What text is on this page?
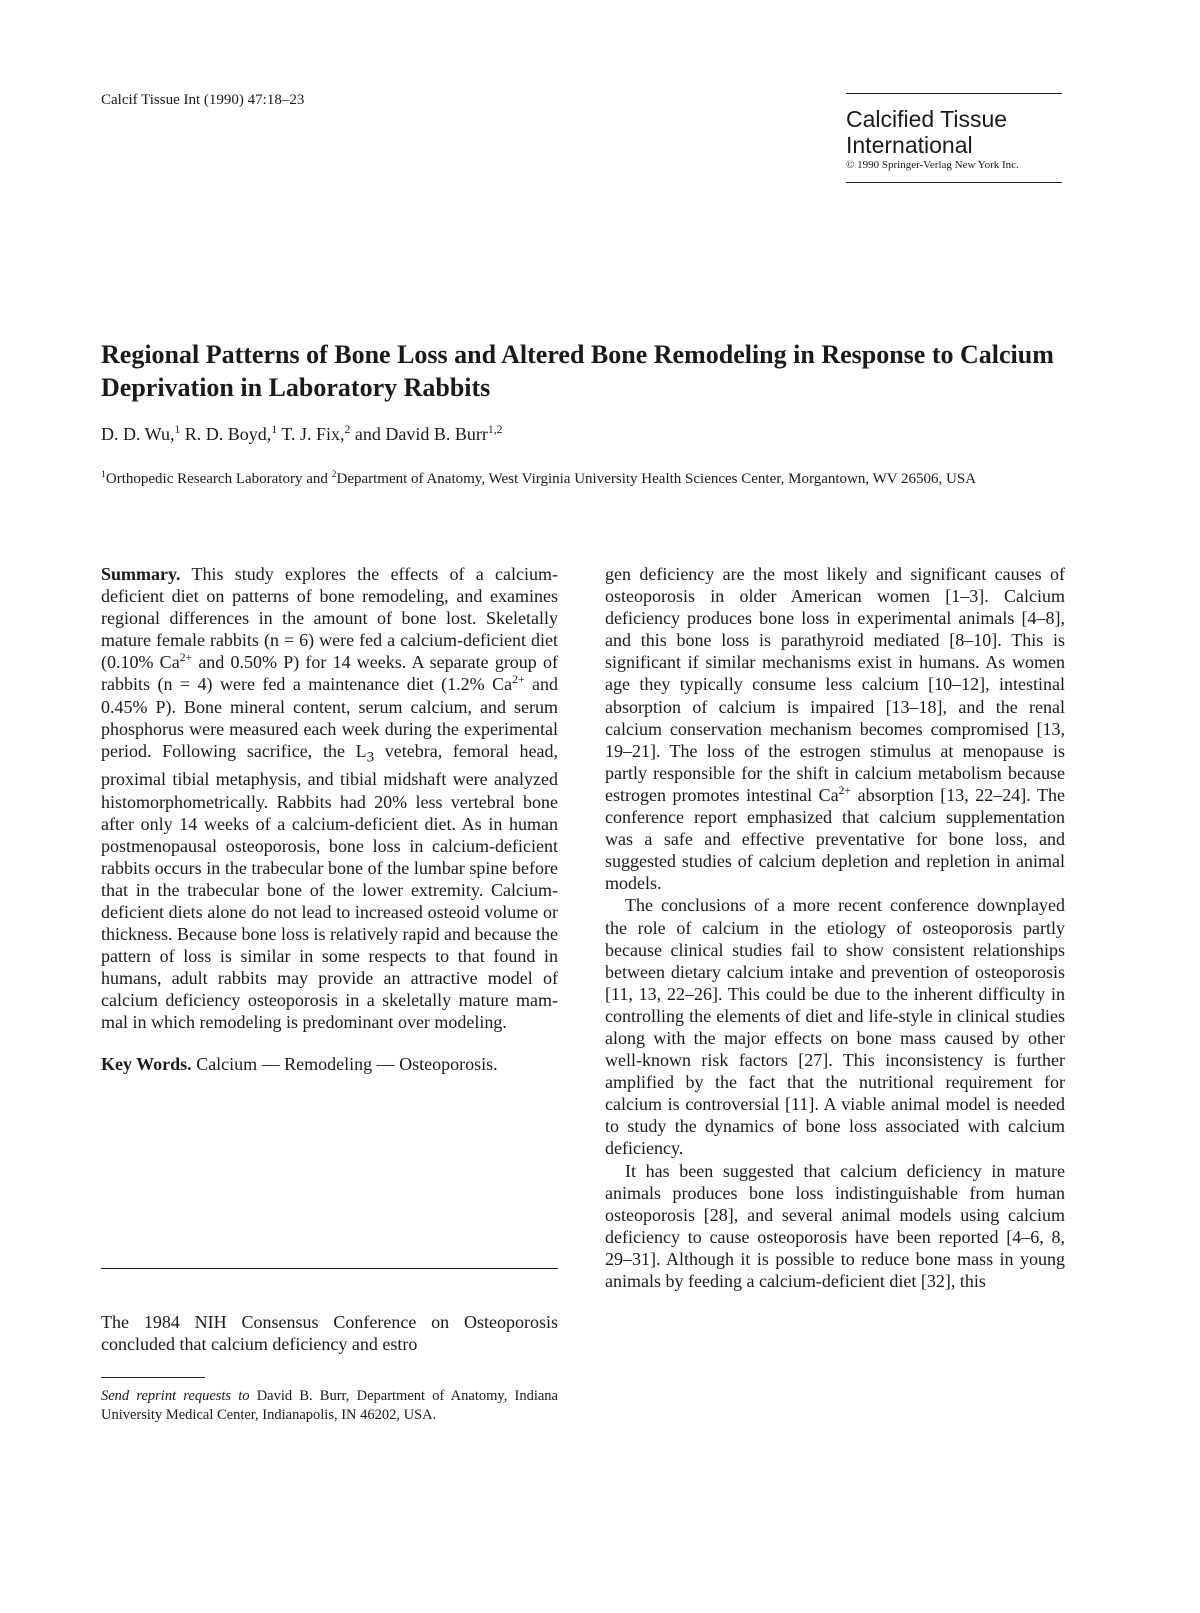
Calcif Tissue Int (1990) 47:18–23
Calcified Tissue
International
© 1990 Springer-Verlag New York Inc.
Regional Patterns of Bone Loss and Altered Bone Remodeling in Response to Calcium Deprivation in Laboratory Rabbits
D. D. Wu,$^1$ R. D. Boyd,$^1$ T. J. Fix,$^2$ and David B. Burr$^{1,2}$
$^1$Orthopedic Research Laboratory and $^2$Department of Anatomy, West Virginia University Health Sciences Center, Morgantown, WV 26506, USA

Summary. This study explores the effects of a calcium-deficient diet on patterns of bone remodeling, and examines regional differences in the amount of bone lost. Skeletally mature female rabbits (n = 6) were fed a calcium-deficient diet (0.10% $Ca^{2+}$ and 0.50% P) for 14 weeks. A separate group of rabbits (n = 4) were fed a maintenance diet (1.2% $Ca^{2+}$ and 0.45% P). Bone mineral content, serum calcium, and serum phosphorus were measured each week during the experimental period. Following sacrifice, the $L_3$ vetebra, femoral head, proximal tibial metaphysis, and tibial midshaft were analyzed histomorphometrically. Rabbits had 20% less vertebral bone after only 14 weeks of a calcium-deficient diet. As in human postmenopausal osteoporosis, bone loss in calcium-deficient rabbits occurs in the trabecular bone of the lumbar spine before that in the trabecular bone of the lower extremity. Calcium-deficient diets alone do not lead to increased osteoid volume or thickness. Because bone loss is relatively rapid and because the pattern of loss is similar in some respects to that found in humans, adult rabbits may provide an attractive model of calcium deficiency osteoporosis in a skeletally mature mammal in which remodeling is predominant over modeling.

Key Words. Calcium — Remodeling — Osteoporosis.

The 1984 NIH Consensus Conference on Osteoporosis concluded that calcium deficiency and estro
Send reprint requests to David B. Burr, Department of Anatomy, Indiana University Medical Center, Indianapolis, IN 46202, USA.

gen deficiency are the most likely and significant causes of osteoporosis in older American women [1–3]. Calcium deficiency produces bone loss in experimental animals [4–8], and this bone loss is parathyroid mediated [8–10]. This is significant if similar mechanisms exist in humans. As women age they typically consume less calcium [10–12], intestinal absorption of calcium is impaired [13–18], and the renal calcium conservation mechanism becomes compromised [13, 19–21]. The loss of the estrogen stimulus at menopause is partly responsible for the shift in calcium metabolism because estrogen promotes intestinal $Ca^{2+}$ absorption [13, 22–24]. The conference report emphasized that calcium supplementation was a safe and effective preventative for bone loss, and suggested studies of calcium depletion and repletion in animal models.

The conclusions of a more recent conference downplayed the role of calcium in the etiology of osteoporosis partly because clinical studies fail to show consistent relationships between dietary calcium intake and prevention of osteoporosis [11, 13, 22–26]. This could be due to the inherent difficulty in controlling the elements of diet and life-style in clinical studies along with the major effects on bone mass caused by other well-known risk factors [27]. This inconsistency is further amplified by the fact that the nutritional requirement for calcium is controversial [11]. A viable animal model is needed to study the dynamics of bone loss associated with calcium deficiency.

It has been suggested that calcium deficiency in mature animals produces bone loss indistinguishable from human osteoporosis [28], and several animal models using calcium deficiency to cause osteoporosis have been reported [4–6, 8, 29–31]. Although it is possible to reduce bone mass in young animals by feeding a calcium-deficient diet [32], this
